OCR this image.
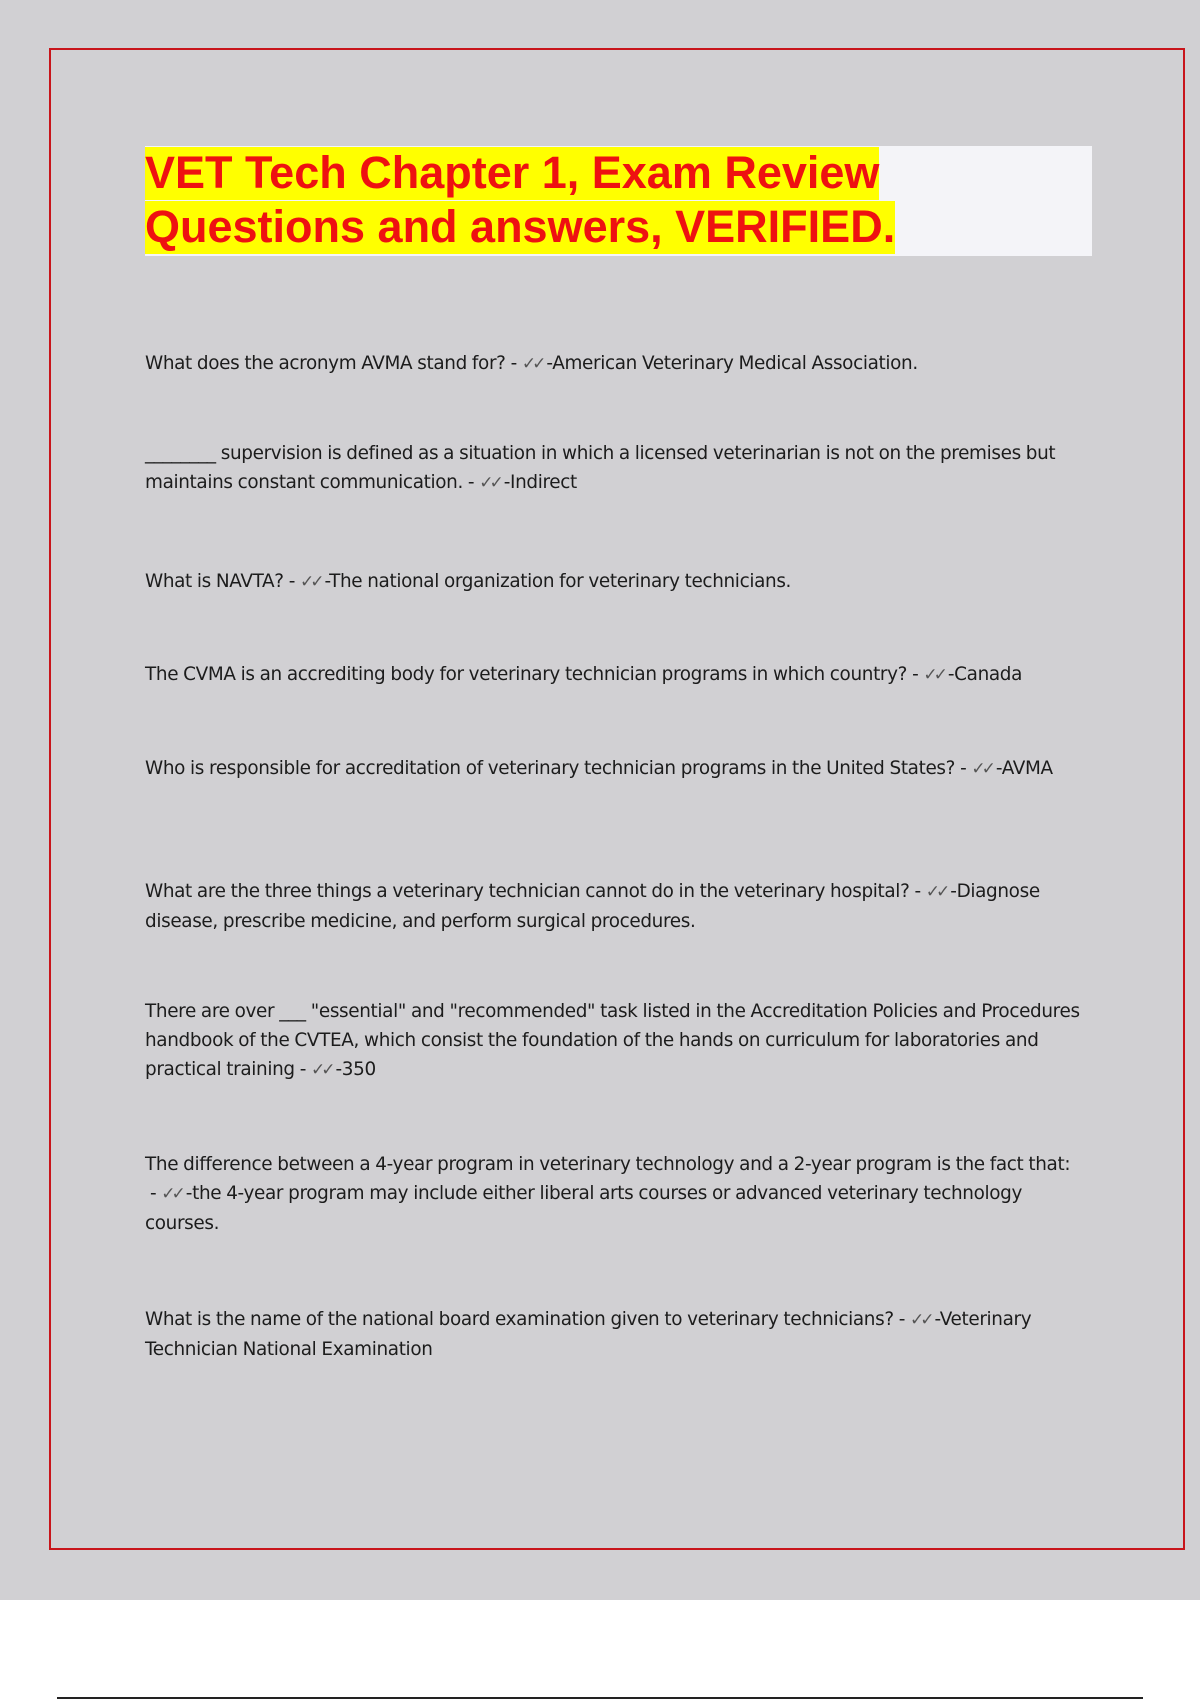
VET Tech Chapter 1, Exam Review
Questions and answers, VERIFIED.

What does the acronym AVMA stand for? - ✓✓ -American Veterinary Medical Association.

________ supervision is defined as a situation in which a licensed veterinarian is not on the premises but maintains constant communication. - ✓✓ -Indirect

What is NAVTA? - ✓✓ -The national organization for veterinary technicians.

The CVMA is an accrediting body for veterinary technician programs in which country? - ✓✓ -Canada

Who is responsible for accreditation of veterinary technician programs in the United States? - ✓✓ -AVMA

What are the three things a veterinary technician cannot do in the veterinary hospital? - ✓✓ -Diagnose disease, prescribe medicine, and perform surgical procedures.

There are over ___ "essential" and "recommended" task listed in the Accreditation Policies and Procedures handbook of the CVTEA, which consist the foundation of the hands on curriculum for laboratories and practical training - ✓✓ -350

The difference between a 4-year program in veterinary technology and a 2-year program is the fact that: - ✓✓ -the 4-year program may include either liberal arts courses or advanced veterinary technology courses.

What is the name of the national board examination given to veterinary technicians? - ✓✓ -Veterinary Technician National Examination
